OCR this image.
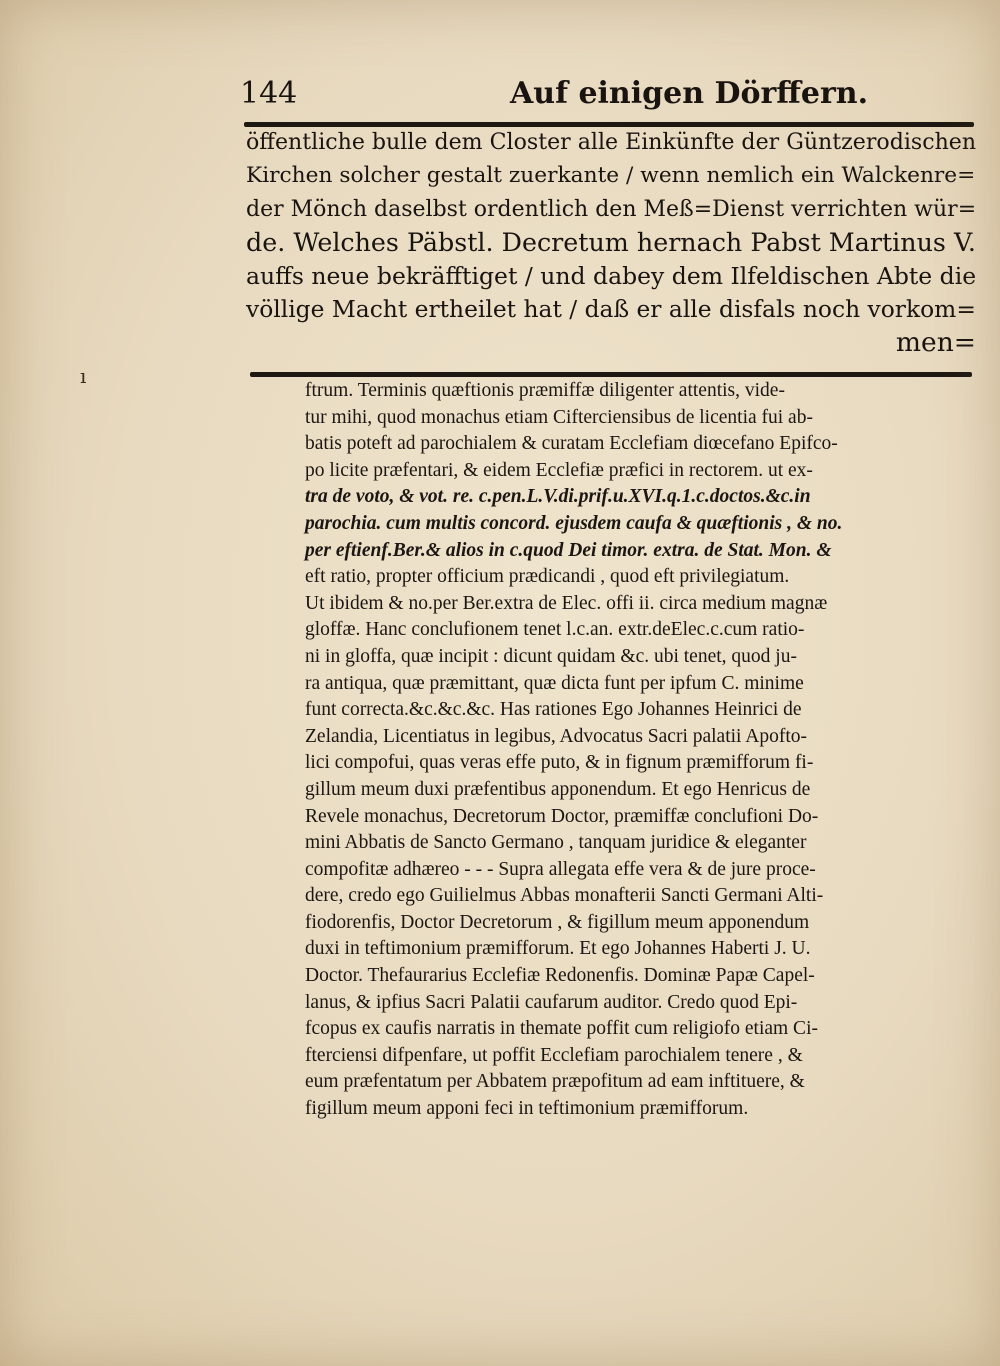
144	Auf einigen Dörffern.

öffentliche bulle dem Closter alle Einkünfte der Güntzerodischen

Kirchen solcher gestalt zuerkante / wenn nemlich ein Walckenre=

der Mönch daselbst ordentlich den Meß=Dienst verrichten wür=

de. Welches Päbstl. Decretum hernach Pabst Martinus V.

auffs neue bekräfftiget / und dabey dem Ilfeldischen Abte die

völlige Macht ertheilet hat / daß er alle disfals noch vorkom=

men=

ı

ftrum. Terminis quæftionis præmiffæ diligenter attentis, vide-

tur mihi, quod monachus etiam Cifterciensibus de licentia fui ab-

batis poteft ad parochialem & curatam Ecclefiam diœcefano Epifco-

po licite præfentari, & eidem Ecclefiæ præfici in rectorem. ut ex-

tra de voto, & vot. re. c.pen.L.V.di.prif.u.XVI.q.1.c.doctos.&c.in

parochia. cum multis concord. ejusdem caufa & quæftionis , & no.

per eftienf.Ber.& alios in c.quod Dei timor. extra. de Stat. Mon. &

eft ratio, propter officium prædicandi , quod eft privilegiatum.

Ut ibidem & no.per Ber.extra de Elec. offi ii. circa medium magnæ

gloffæ. Hanc conclufionem tenet l.c.an. extr.deElec.c.cum ratio-

ni in gloffa, quæ incipit : dicunt quidam &c. ubi tenet, quod ju-

ra antiqua, quæ præmittant, quæ dicta funt per ipfum C. minime

funt correcta.&c.&c.&c. Has rationes Ego Johannes Heinrici de

Zelandia, Licentiatus in legibus, Advocatus Sacri palatii Apofto-

lici compofui, quas veras effe puto, & in fignum præmifforum fi-

gillum meum duxi præfentibus apponendum. Et ego Henricus de

Revele monachus, Decretorum Doctor, præmiffæ conclufioni Do-

mini Abbatis de Sancto Germano , tanquam juridice & eleganter

compofitæ adhæreo - - - Supra allegata effe vera & de jure proce-

dere, credo ego Guilielmus Abbas monafterii Sancti Germani Alti-

fiodorenfis, Doctor Decretorum , & figillum meum apponendum

duxi in teftimonium præmifforum. Et ego Johannes Haberti J. U.

Doctor. Thefaurarius Ecclefiæ Redonenfis. Dominæ Papæ Capel-

lanus, & ipfius Sacri Palatii caufarum auditor. Credo quod Epi-

fcopus ex caufis narratis in themate poffit cum religiofo etiam Ci-

fterciensi difpenfare, ut poffit Ecclefiam parochialem tenere , &

eum præfentatum per Abbatem præpofitum ad eam inftituere, &

figillum meum apponi feci in teftimonium præmifforum.
